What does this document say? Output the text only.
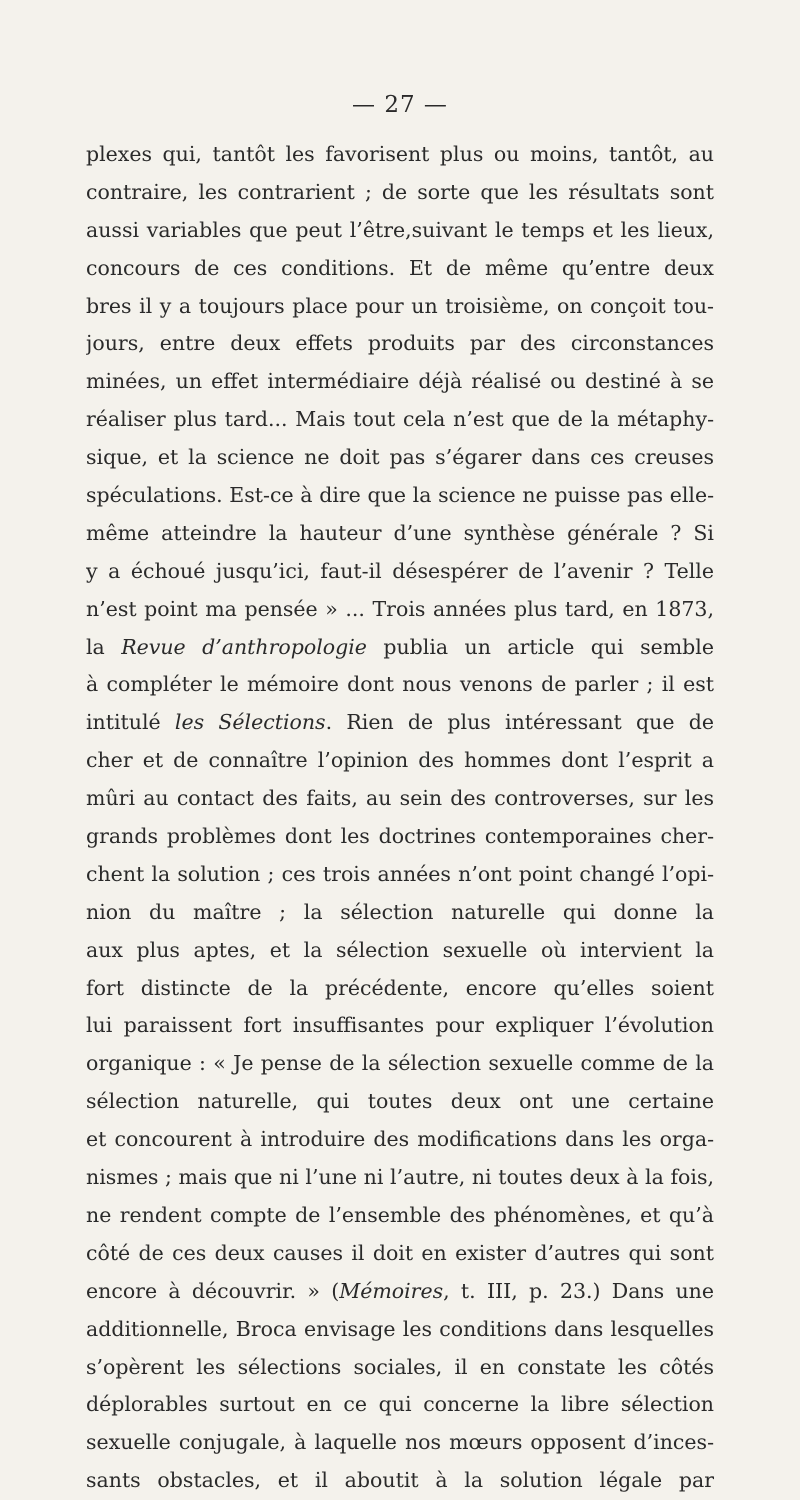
— 27 —
plexes qui, tantôt les favorisent plus ou moins, tantôt, au
contraire, les contrarient ; de sorte que les résultats sont
aussi variables que peut l’être,suivant le temps et les lieux,
concours de ces conditions. Et de même qu’entre deux
bres il y a toujours place pour un troisième, on conçoit tou-
jours, entre deux effets produits par des circonstances
minées, un effet intermédiaire déjà réalisé ou destiné à se
réaliser plus tard... Mais tout cela n’est que de la métaphy-
sique, et la science ne doit pas s’égarer dans ces creuses
spéculations. Est-ce à dire que la science ne puisse pas elle-
même atteindre la hauteur d’une synthèse générale ? Si
y a échoué jusqu’ici, faut-il désespérer de l’avenir ? Telle
n’est point ma pensée » ... Trois années plus tard, en 1873,
la Revue d’anthropologie publia un article qui semble
à compléter le mémoire dont nous venons de parler ; il est
intitulé les Sélections. Rien de plus intéressant que de
cher et de connaître l’opinion des hommes dont l’esprit a
mûri au contact des faits, au sein des controverses, sur les
grands problèmes dont les doctrines contemporaines cher-
chent la solution ; ces trois années n’ont point changé l’opi-
nion du maître ; la sélection naturelle qui donne la
aux plus aptes, et la sélection sexuelle où intervient la
fort distincte de la précédente, encore qu’elles soient
lui paraissent fort insuffisantes pour expliquer l’évolution
organique : « Je pense de la sélection sexuelle comme de la
sélection naturelle, qui toutes deux ont une certaine
et concourent à introduire des modifications dans les orga-
nismes ; mais que ni l’une ni l’autre, ni toutes deux à la fois,
ne rendent compte de l’ensemble des phénomènes, et qu’à
côté de ces deux causes il doit en exister d’autres qui sont
encore à découvrir. » (Mémoires, t. III, p. 23.) Dans une
additionnelle, Broca envisage les conditions dans lesquelles
s’opèrent les sélections sociales, il en constate les côtés
déplorables surtout en ce qui concerne la libre sélection
sexuelle conjugale, à laquelle nos mœurs opposent d’inces-
sants obstacles, et il aboutit à la solution légale par
